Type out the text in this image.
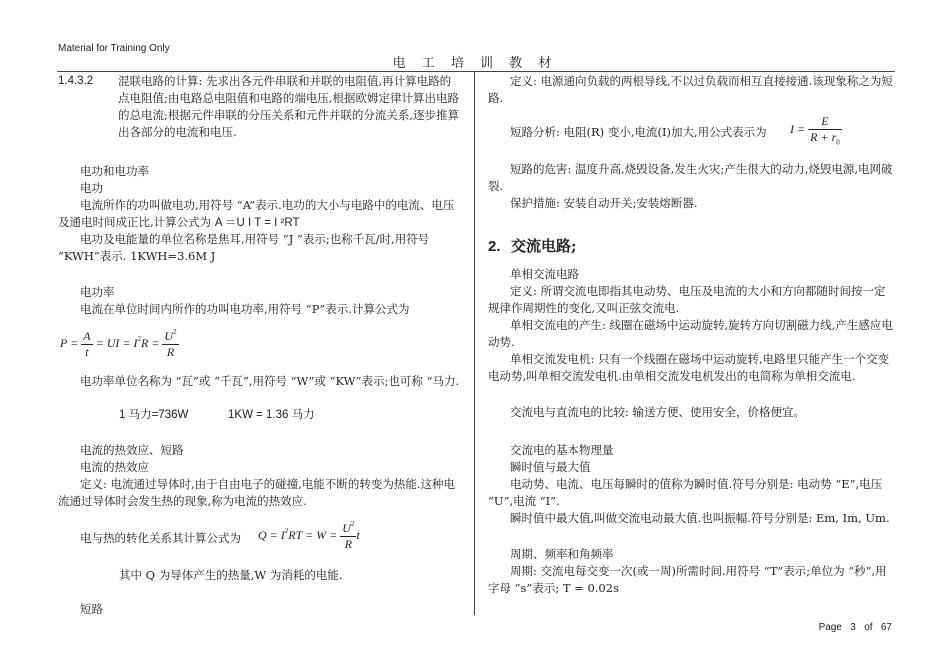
Material for Training Only
电 工 培 训 教 材
1.4.3.2 混联电路的计算: 先求出各元件串联和并联的电阻值,再计算电路的点电阻值;由电路总电阻值和电路的端电压,根据欧姆定律计算出电路的总电流;根据元件串联的分压关系和元件并联的分流关系,逐步推算出各部分的电流和电压.
电功和电功率
电功
电流所作的功叫做电功,用符号 “A”表示.电功的大小与电路中的电流、电压及通电时间成正比,计算公式为 A ＝U I T = I ²RT
电功及电能量的单位名称是焦耳,用符号 “J ”表示;也称千瓦/时,用符号 “KWH”表示. 1KWH=3.6M J
电功率
电流在单位时间内所作的功叫电功率,用符号 “P”表示.计算公式为
$P = \frac{A}{t}$ = UI = $I^2R = \frac{U^2}{R}$
电功率单位名称为 “瓦”或 “千瓦”,用符号 “W”或 “KW”表示;也可称 “马力.
1 马力=736W	1KW = 1.36 马力
电流的热效应、短路
电流的热效应
定义: 电流通过导体时,由于自由电子的碰撞,电能不断的转变为热能.这种电流通过导体时会发生热的现象,称为电流的热效应.
电与热的转化关系其计算公式为 $Q = I^2RT = W = \frac{U^2}{R}$ t
其中 Q 为导体产生的热量,W 为消耗的电能.
短路
定义: 电源通向负载的两根导线,不以过负载而相互直接接通.该现象称之为短路.
短路分析: 电阻(R) 变小,电流(I)加大,用公式表示为 $I = \frac{E}{R + r_0}$
短路的危害: 温度升高,烧毁设备,发生火灾;产生很大的动力,烧毁电源,电网破裂.
保护措施: 安装自动开关;安装熔断器.
2. 交流电路;
单相交流电路
定义: 所谓交流电即指其电动势、电压及电流的大小和方向都随时间按一定规律作周期性的变化,又叫正弦交流电.
单相交流电的产生: 线圈在磁场中运动旋转,旋转方向切割磁力线,产生感应电动势.
单相交流发电机: 只有一个线圈在磁场中运动旋转,电路里只能产生一个交变电动势,叫单相交流发电机.由单相交流发电机发出的电简称为单相交流电.
交流电与直流电的比较: 输送方便、使用安全，价格便宜。
交流电的基本物理量
瞬时值与最大值
电动势、电流、电压每瞬时的值称为瞬时值.符号分别是: 电动势 “E”,电压 “U”,电流 “I”.
瞬时值中最大值,叫做交流电动最大值.也叫振幅.符号分别是: Em, Im, Um.
周期、频率和角频率
周期: 交流电每交变一次(或一周)所需时间.用符号 “T”表示;单位为 “秒”,用字母 “s”表示; T = 0.02s
Page 3 of 67
